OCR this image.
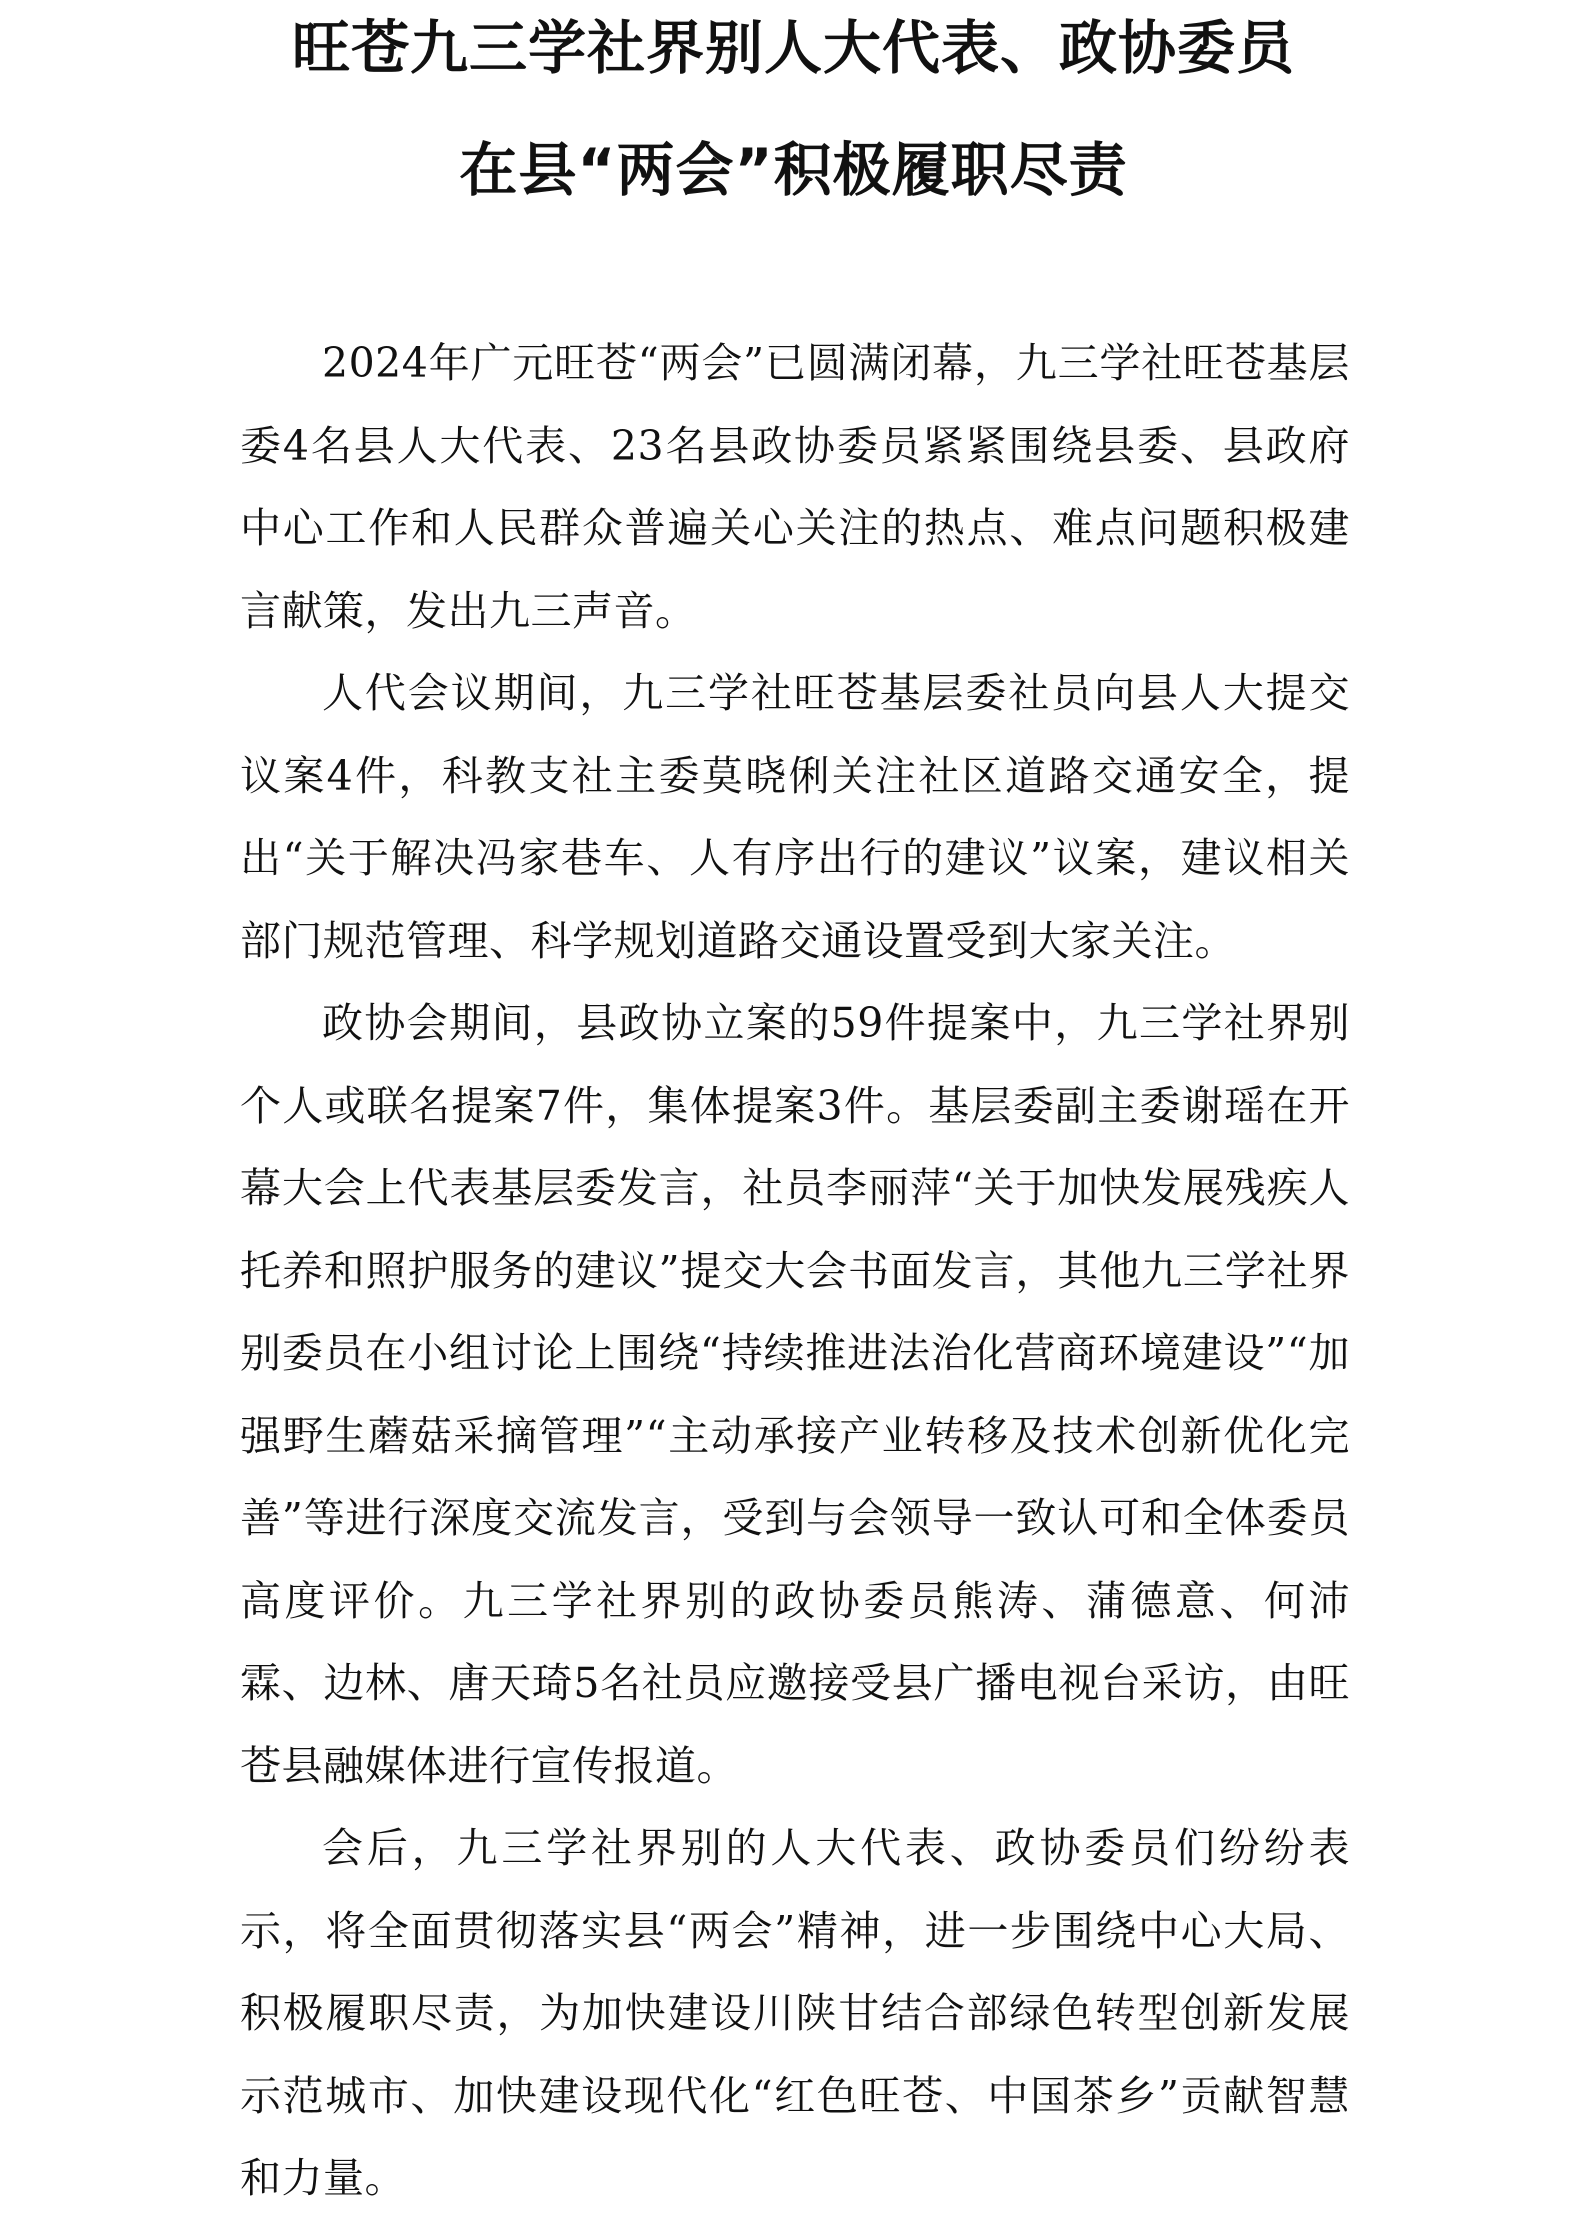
旺苍九三学社界别人大代表、政协委员
在县“两会”积极履职尽责

2024年广元旺苍“两会”已圆满闭幕，九三学社旺苍基层委4名县人大代表、23名县政协委员紧紧围绕县委、县政府中心工作和人民群众普遍关心关注的热点、难点问题积极建言献策，发出九三声音。

人代会议期间，九三学社旺苍基层委社员向县人大提交议案4件，科教支社主委莫晓俐关注社区道路交通安全，提出“关于解决冯家巷车、人有序出行的建议”议案，建议相关部门规范管理、科学规划道路交通设置受到大家关注。

政协会期间，县政协立案的59件提案中，九三学社界别个人或联名提案7件，集体提案3件。基层委副主委谢瑶在开幕大会上代表基层委发言，社员李丽萍“关于加快发展残疾人托养和照护服务的建议”提交大会书面发言，其他九三学社界别委员在小组讨论上围绕“持续推进法治化营商环境建设”“加强野生蘑菇采摘管理”“主动承接产业转移及技术创新优化完善”等进行深度交流发言，受到与会领导一致认可和全体委员高度评价。九三学社界别的政协委员熊涛、蒲德意、何沛霖、边林、唐天琦5名社员应邀接受县广播电视台采访，由旺苍县融媒体进行宣传报道。

会后，九三学社界别的人大代表、政协委员们纷纷表示，将全面贯彻落实县“两会”精神，进一步围绕中心大局、积极履职尽责，为加快建设川陕甘结合部绿色转型创新发展示范城市、加快建设现代化“红色旺苍、中国茶乡”贡献智慧和力量。
